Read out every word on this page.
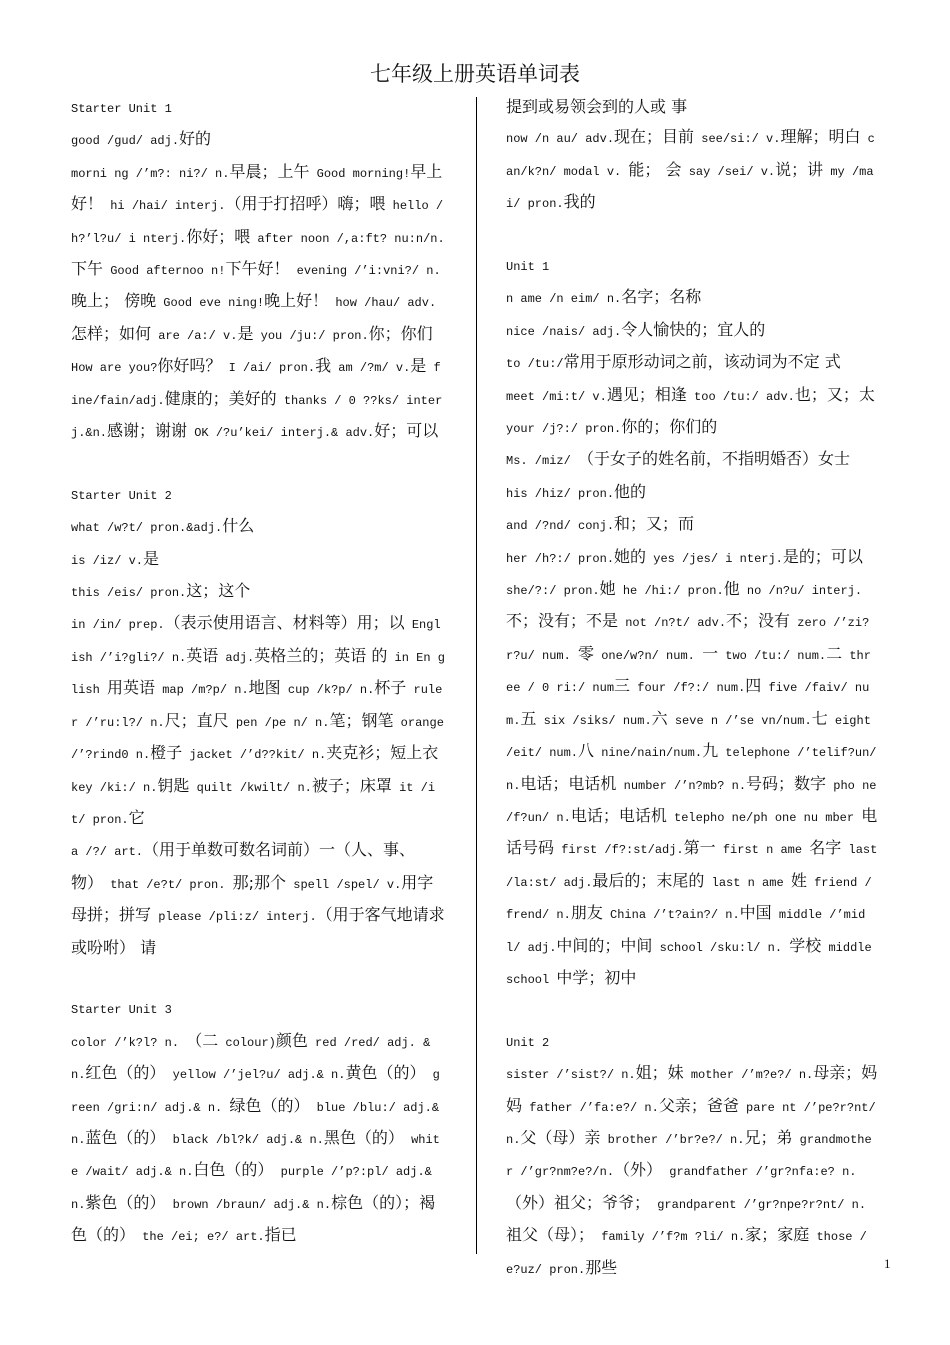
七年级上册英语单词表

Starter Unit 1

good /gud/ adj.好的

morni ng /’m?: ni?/ n.早晨；上午 Good morning!早上好！ hi /hai/ interj.（用于打招呼）嗨；喂 hello /h?’l?u/ i nterj.你好；喂 after noon /,a:ft? nu:n/n.下午 Good afternoo n!下午好！ evening /’i:vni?/ n. 晚上； 傍晚 Good eve ning!晚上好！ how /hau/ adv.怎样；如何 are /a:/ v.是 you /ju:/ pron.你；你们 How are you?你好吗？ I /ai/ pron.我 am /?m/ v.是 fine/fain/adj.健康的；美好的 thanks / 0 ??ks/ interj.&n.感谢；谢谢 OK /?u’kei/ interj.& adv.好；可以

Starter Unit 2

what /w?t/ pron.&adj.什么

is /iz/ v.是

this /eis/ pron.这；这个

in /in/ prep.（表示使用语言、材料等）用；以 English /’i?gli?/ n.英语 adj.英格兰的；英语 的 in En glish 用英语 map /m?p/ n.地图 cup /k?p/ n.杯子 ruler /’ru:l?/ n.尺；直尺 pen /pe n/ n.笔；钢笔 orange /’?rind0 n.橙子 jacket /’d??kit/ n.夹克衫；短上衣 key /ki:/ n.钥匙 quilt /kwilt/ n.被子；床罩 it /it/ pron.它

a /?/ art.（用于单数可数名词前）一（人、事、物） that /e?t/ pron. 那;那个 spell /spel/ v.用字母拼；拼写 please /pli:z/ interj.（用于客气地请求或吩咐） 请

Starter Unit 3

color /’k?l? n. （二 colour)颜色 red /red/ adj. & n.红色（的） yellow /’jel?u/ adj.& n.黄色（的） green /gri:n/ adj.& n. 绿色（的） blue /blu:/ adj.& n.蓝色（的） black /bl?k/ adj.& n.黑色（的） white /wait/ adj.& n.白色（的） purple /’p?:pl/ adj.& n.紫色（的） brown /braun/ adj.& n.棕色（的）；褐色（的） the /ei; e?/ art.指已

提到或易领会到的人或 事

now /n au/ adv.现在；目前 see/si:/ v.理解；明白 can/k?n/ modal v. 能； 会 say /sei/ v.说；讲 my /mai/ pron.我的

Unit 1

n ame /n eim/ n.名字；名称

nice /nais/ adj.令人愉快的；宜人的

to /tu:/常用于原形动词之前，该动词为不定 式

meet /mi:t/ v.遇见；相逢 too /tu:/ adv.也；又；太 your /j?:/ pron.你的；你们的

Ms. /miz/ （于女子的姓名前，不指明婚否）女士

his /hiz/ pron.他的

and /?nd/ conj.和；又；而

her /h?:/ pron.她的 yes /jes/ i nterj.是的；可以

she/?:/ pron.她 he /hi:/ pron.他 no /n?u/ interj.不；没有；不是 not /n?t/ adv.不；没有 zero /’zi?r?u/ num. 零 one/w?n/ num. 一 two /tu:/ num.二 three / 0 ri:/ num三 four /f?:/ num.四 five /faiv/ num.五 six /siks/ num.六 seve n /’se vn/num.七 eight /eit/ num.八 nine/nain/num.九 telephone /’telif?un/ n.电话；电话机 number /’n?mb? n.号码；数字 pho ne /f?un/ n.电话；电话机 telepho ne/ph one nu mber 电话号码 first /f?:st/adj.第一 first n ame 名字 last /la:st/ adj.最后的；末尾的 last n ame 姓 friend /frend/ n.朋友 China /’t?ain?/ n.中国 middle /’midl/ adj.中间的；中间 school /sku:l/ n. 学校 middle school 中学；初中

Unit 2

sister /’sist?/ n.姐；妹 mother /’m?e?/ n.母亲；妈妈 father /’fa:e?/ n.父亲；爸爸 pare nt /’pe?r?nt/ n.父（母）亲 brother /’br?e?/ n.兄；弟 grandmother /’gr?nm?e?/n.（外） grandfather /’gr?nfa:e? n.（外）祖父；爷爷； grandparent /’gr?npe?r?nt/ n.祖父（母）； family /’f?m ?li/ n.家；家庭 those /e?uz/ pron.那些	1
